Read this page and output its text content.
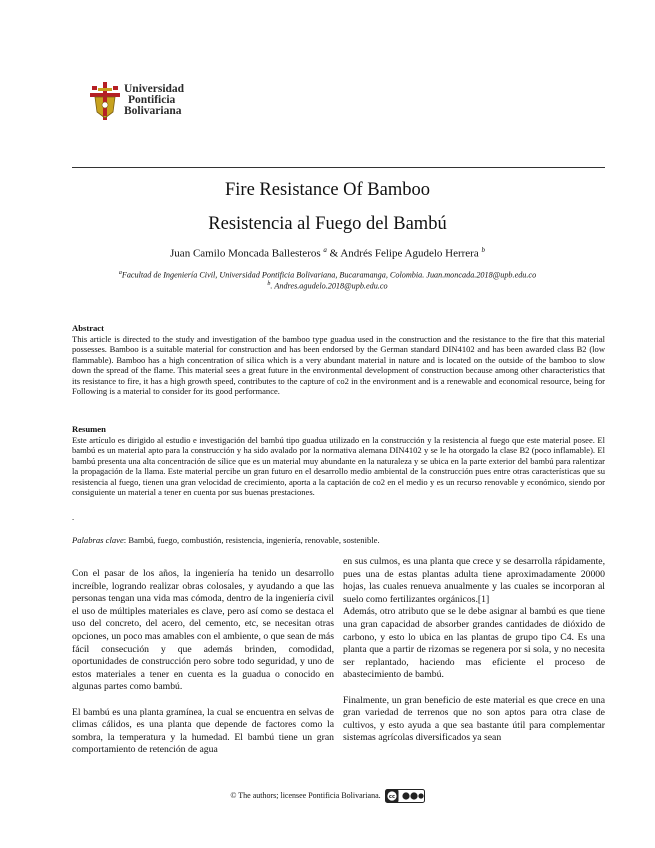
Universidad
Pontificia
Bolivariana
Fire Resistance Of Bamboo
Resistencia al Fuego del Bambú
Juan Camilo Moncada Ballesteros $^a$ & Andrés Felipe Agudelo Herrera $^b$
$^a$Facultad de Ingeniería Civil, Universidad Pontificia Bolivariana, Bucaramanga, Colombia. Juan.moncada.2018@upb.edu.co
$^b$. Andres.agudelo.2018@upb.edu.co
Abstract
This article is directed to the study and investigation of the bamboo type guadua used in the construction and the resistance to the fire that this material possesses. Bamboo is a suitable material for construction and has been endorsed by the German standard DIN4102 and has been awarded class B2 (low flammable). Bamboo has a high concentration of silica which is a very abundant material in nature and is located on the outside of the bamboo to slow down the spread of the flame. This material sees a great future in the environmental development of construction because among other characteristics that its resistance to fire, it has a high growth speed, contributes to the capture of co2 in the environment and is a renewable and economical resource, being for Following is a material to consider for its good performance.
Resumen
Este artículo es dirigido al estudio e investigación del bambú tipo guadua utilizado en la construcción y la resistencia al fuego que este material posee. El bambú es un material apto para la construcción y ha sido avalado por la normativa alemana DIN4102 y se le ha otorgado la clase B2 (poco inflamable). El bambú presenta una alta concentración de sílice que es un material muy abundante en la naturaleza y se ubica en la parte exterior del bambú para ralentizar la propagación de la llama. Este material percibe un gran futuro en el desarrollo medio ambiental de la construcción pues entre otras características que su resistencia al fuego, tienen una gran velocidad de crecimiento, aporta a la captación de co2 en el medio y es un recurso renovable y económico, siendo por consiguiente un material a tener en cuenta por sus buenas prestaciones.
.
Palabras clave: Bambú, fuego, combustión, resistencia, ingeniería, renovable, sostenible.

Con el pasar de los años, la ingeniería ha tenido un desarrollo increíble, logrando realizar obras colosales, y ayudando a que las personas tengan una vida mas cómoda, dentro de la ingeniería civil el uso de múltiples materiales es clave, pero así como se destaca el uso del concreto, del acero, del cemento, etc, se necesitan otras opciones, un poco mas amables con el ambiente, o que sean de más fácil consecución y que además brinden, comodidad, oportunidades de construcción pero sobre todo seguridad, y uno de estos materiales a tener en cuenta es la guadua o conocido en algunas partes como bambú.

El bambú es una planta gramínea, la cual se encuentra en selvas de climas cálidos, es una planta que depende de factores como la sombra, la temperatura y la humedad. El bambú tiene un gran comportamiento de retención de agua

en sus culmos, es una planta que crece y se desarrolla rápidamente, pues una de estas plantas adulta tiene aproximadamente 20000 hojas, las cuales renueva anualmente y las cuales se incorporan al suelo como fertilizantes orgánicos.[1]

Además, otro atributo que se le debe asignar al bambú es que tiene una gran capacidad de absorber grandes cantidades de dióxido de carbono, y esto lo ubica en las plantas de grupo tipo C4. Es una planta que a partir de rizomas se regenera por si sola, y no necesita ser replantado, haciendo mas eficiente el proceso de abastecimiento de bambú.

Finalmente, un gran beneficio de este material es que crece en una gran variedad de terrenos que no son aptos para otra clase de cultivos, y esto ayuda a que sea bastante útil para complementar sistemas agrícolas diversificados ya sean

© The authors; licensee Pontificia Bolivariana. cc
